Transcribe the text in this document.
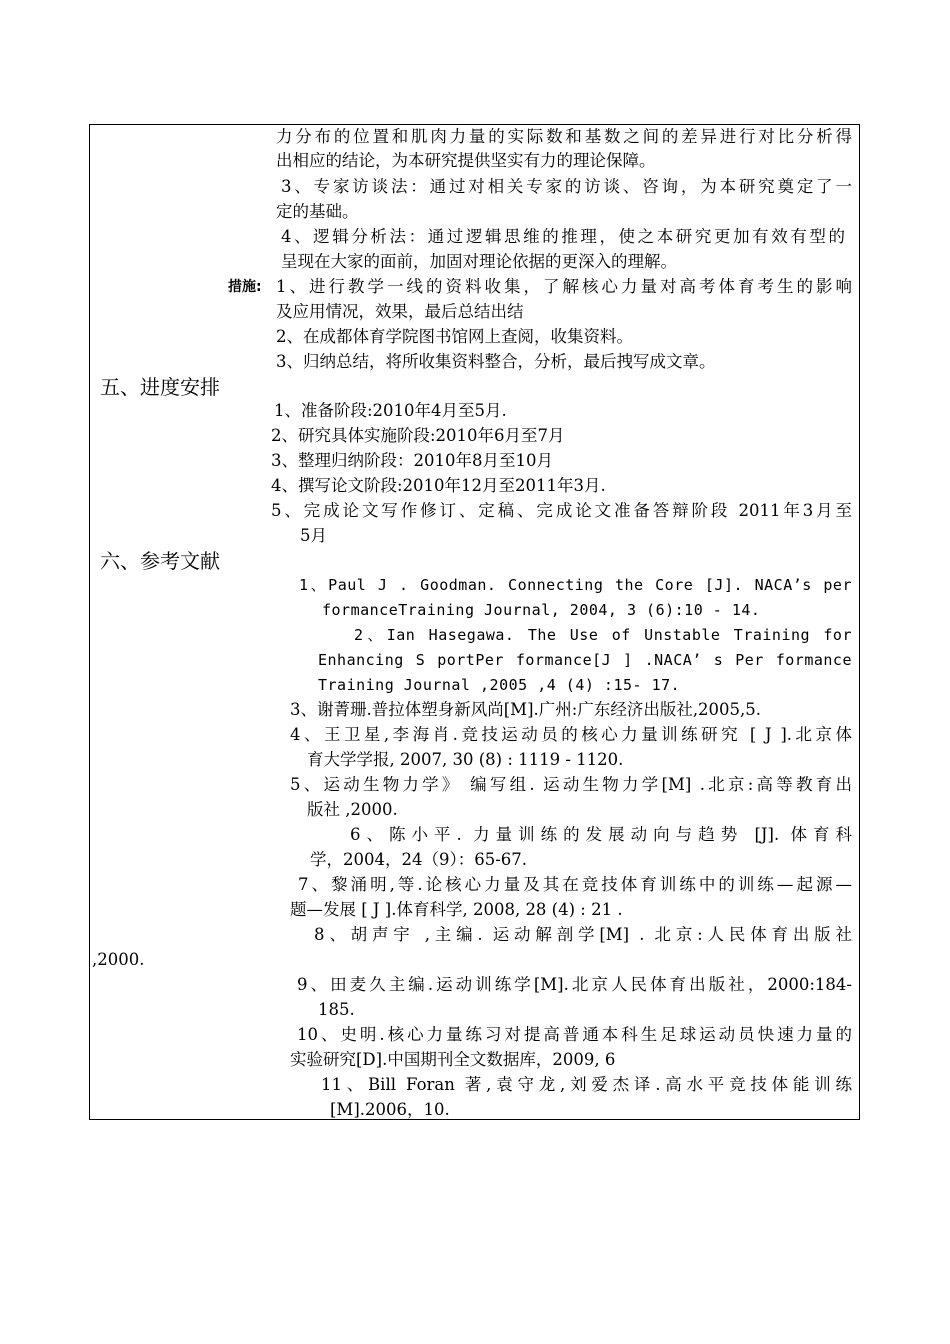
力分布的位置和肌肉力量的实际数和基数之间的差异进行对比分析得
出相应的结论，为本研究提供坚实有力的理论保障。
3、专家访谈法：通过对相关专家的访谈、咨询，为本研究奠定了一
定的基础。
4、逻辑分析法：通过逻辑思维的推理，使之本研究更加有效有型的
呈现在大家的面前，加固对理论依据的更深入的理解。
措施: 1、进行教学一线的资料收集，了解核心力量对高考体育考生的影响
及应用情况，效果，最后总结出结
2、在成都体育学院图书馆网上查阅，收集资料。
3、归纳总结，将所收集资料整合，分析，最后拽写成文章。
五、进度安排
1、准备阶段:2010年4月至5月.
2、研究具体实施阶段:2010年6月至7月
3、整理归纳阶段：2010年8月至10月
4、撰写论文阶段:2010年12月至2011年3月.
5、完成论文写作修订、定稿、完成论文准备答辩阶段 2011年3月至
5月
六、参考文献
1、Paul J . Goodman. Connecting the Core [J]. NACA’s per
formanceTraining Journal, 2004, 3 (6):10 - 14.
2、Ian Hasegawa. The Use of Unstable Training for
Enhancing S portPer formance[J ] .NACA’ s Per formance
Training Journal ,2005 ,4 (4) :15- 17.
3、谢菁珊.普拉体塑身新风尚[M].广州:广东经济出版社,2005,5.
4、王卫星,李海肖.竞技运动员的核心力量训练研究 [ J ].北京体
育大学学报, 2007, 30 (8) : 1119 - 1120.
5、运动生物力学》 编写组. 运动生物力学[M] .北京:高等教育出
版社 ,2000.
6、陈小平. 力量训练的发展动向与趋势 [J]. 体育科
学，2004，24（9）：65-67.
7、黎涌明,等.论核心力量及其在竞技体育训练中的训练—起源—
题—发展 [ J ].体育科学, 2008, 28 (4) : 21 .
8、胡声宇 ,主编. 运动解剖学[M] . 北京:人民体育出版社
,2000.
9、田麦久主编.运动训练学[M].北京人民体育出版社，2000:184-
185.
10、史明.核心力量练习对提高普通本科生足球运动员快速力量的
实验研究[D].中国期刊全文数据库，2009, 6
11、Bill Foran 著,袁守龙,刘爱杰译.高水平竞技体能训练
[M].2006，10.
